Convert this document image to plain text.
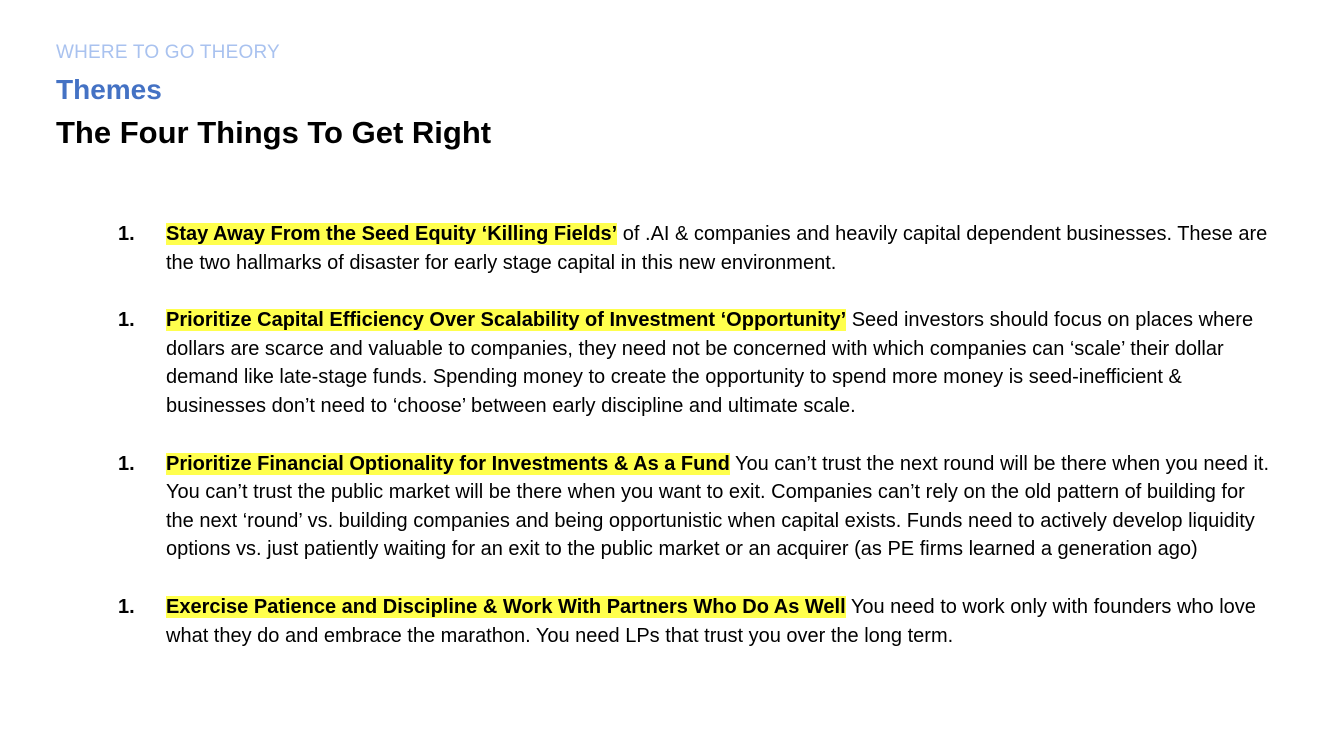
WHERE TO GO THEORY
Themes
The Four Things To Get Right
1.	Stay Away From the Seed Equity ‘Killing Fields’ of .AI & companies and heavily capital dependent businesses. These are the two hallmarks of disaster for early stage capital in this new environment.
1.	Prioritize Capital Efficiency Over Scalability of Investment ‘Opportunity’ Seed investors should focus on places where dollars are scarce and valuable to companies, they need not be concerned with which companies can ‘scale’ their dollar demand like late-stage funds. Spending money to create the opportunity to spend more money is seed-inefficient & businesses don’t need to ‘choose’ between early discipline and ultimate scale.
1.	Prioritize Financial Optionality for Investments & As a Fund You can’t trust the next round will be there when you need it. You can’t trust the public market will be there when you want to exit. Companies can’t rely on the old pattern of building for the next ‘round’ vs. building companies and being opportunistic when capital exists. Funds need to actively develop liquidity options vs. just patiently waiting for an exit to the public market or an acquirer (as PE firms learned a generation ago)
1.	Exercise Patience and Discipline & Work With Partners Who Do As Well You need to work only with founders who love what they do and embrace the marathon. You need LPs that trust you over the long term.
